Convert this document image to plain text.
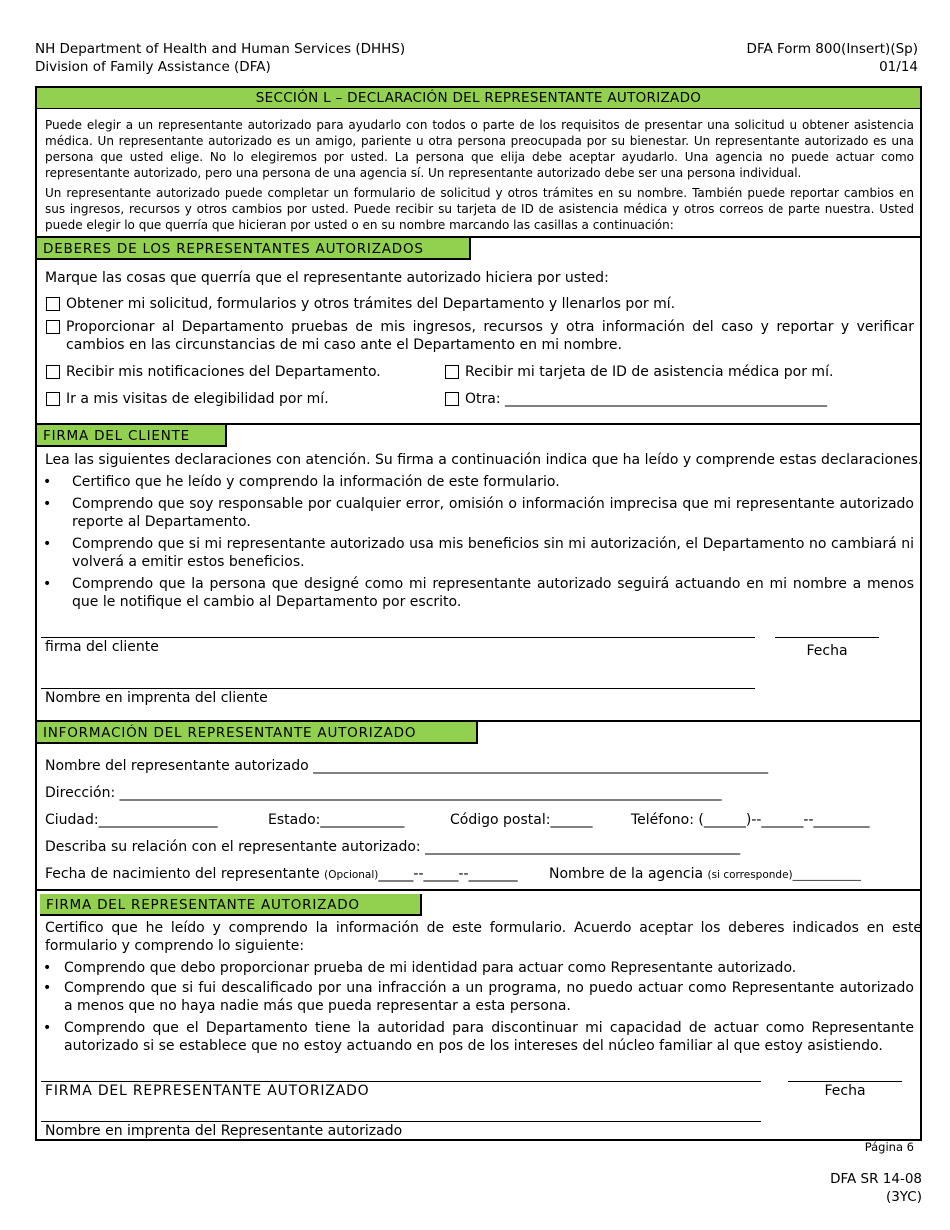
NH Department of Health and Human Services (DHHS)
Division of Family Assistance (DFA)
DFA Form 800(Insert)(Sp)
01/14
SECCIÓN L – DECLARACIÓN DEL REPRESENTANTE AUTORIZADO
Puede elegir a un representante autorizado para ayudarlo con todos o parte de los requisitos de presentar una solicitud u obtener asistencia médica. Un representante autorizado es un amigo, pariente u otra persona preocupada por su bienestar. Un representante autorizado es una persona que usted elige. No lo elegiremos por usted. La persona que elija debe aceptar ayudarlo. Una agencia no puede actuar como representante autorizado, pero una persona de una agencia sí. Un representante autorizado debe ser una persona individual.
Un representante autorizado puede completar un formulario de solicitud y otros trámites en su nombre. También puede reportar cambios en sus ingresos, recursos y otros cambios por usted. Puede recibir su tarjeta de ID de asistencia médica y otros correos de parte nuestra. Usted puede elegir lo que querría que hicieran por usted o en su nombre marcando las casillas a continuación:
DEBERES DE LOS REPRESENTANTES AUTORIZADOS
Marque las cosas que querría que el representante autorizado hiciera por usted:
Obtener mi solicitud, formularios y otros trámites del Departamento y llenarlos por mí.
Proporcionar al Departamento pruebas de mis ingresos, recursos y otra información del caso y reportar y verificar cambios en las circunstancias de mi caso ante el Departamento en mi nombre.
Recibir mis notificaciones del Departamento.	Recibir mi tarjeta de ID de asistencia médica por mí.
Ir a mis visitas de elegibilidad por mí.	Otra: ______________________________________________
FIRMA DEL CLIENTE
Lea las siguientes declaraciones con atención. Su firma a continuación indica que ha leído y comprende estas declaraciones.
• Certifico que he leído y comprendo la información de este formulario.
• Comprendo que soy responsable por cualquier error, omisión o información imprecisa que mi representante autorizado reporte al Departamento.
• Comprendo que si mi representante autorizado usa mis beneficios sin mi autorización, el Departamento no cambiará ni volverá a emitir estos beneficios.
• Comprendo que la persona que designé como mi representante autorizado seguirá actuando en mi nombre a menos que le notifique el cambio al Departamento por escrito.
firma del cliente	Fecha
Nombre en imprenta del cliente
INFORMACIÓN DEL REPRESENTANTE AUTORIZADO
Nombre del representante autorizado _________________________________________________________________
Dirección: ______________________________________________________________________________________
Ciudad:_________________	Estado:____________	Código postal:______	Teléfono: (______)--______--________
Describa su relación con el representante autorizado: _____________________________________________
Fecha de nacimiento del representante (Opcional)_____--_____--_______ Nombre de la agencia (si corresponde)_____________
FIRMA DEL REPRESENTANTE AUTORIZADO
Certifico que he leído y comprendo la información de este formulario. Acuerdo aceptar los deberes indicados en este formulario y comprendo lo siguiente:
• Comprendo que debo proporcionar prueba de mi identidad para actuar como Representante autorizado.
• Comprendo que si fui descalificado por una infracción a un programa, no puedo actuar como Representante autorizado a menos que no haya nadie más que pueda representar a esta persona.
• Comprendo que el Departamento tiene la autoridad para discontinuar mi capacidad de actuar como Representante autorizado si se establece que no estoy actuando en pos de los intereses del núcleo familiar al que estoy asistiendo.
FIRMA DEL REPRESENTANTE AUTORIZADO	Fecha
Nombre en imprenta del Representante autorizado
Página 6
DFA SR 14-08
(3YC)
